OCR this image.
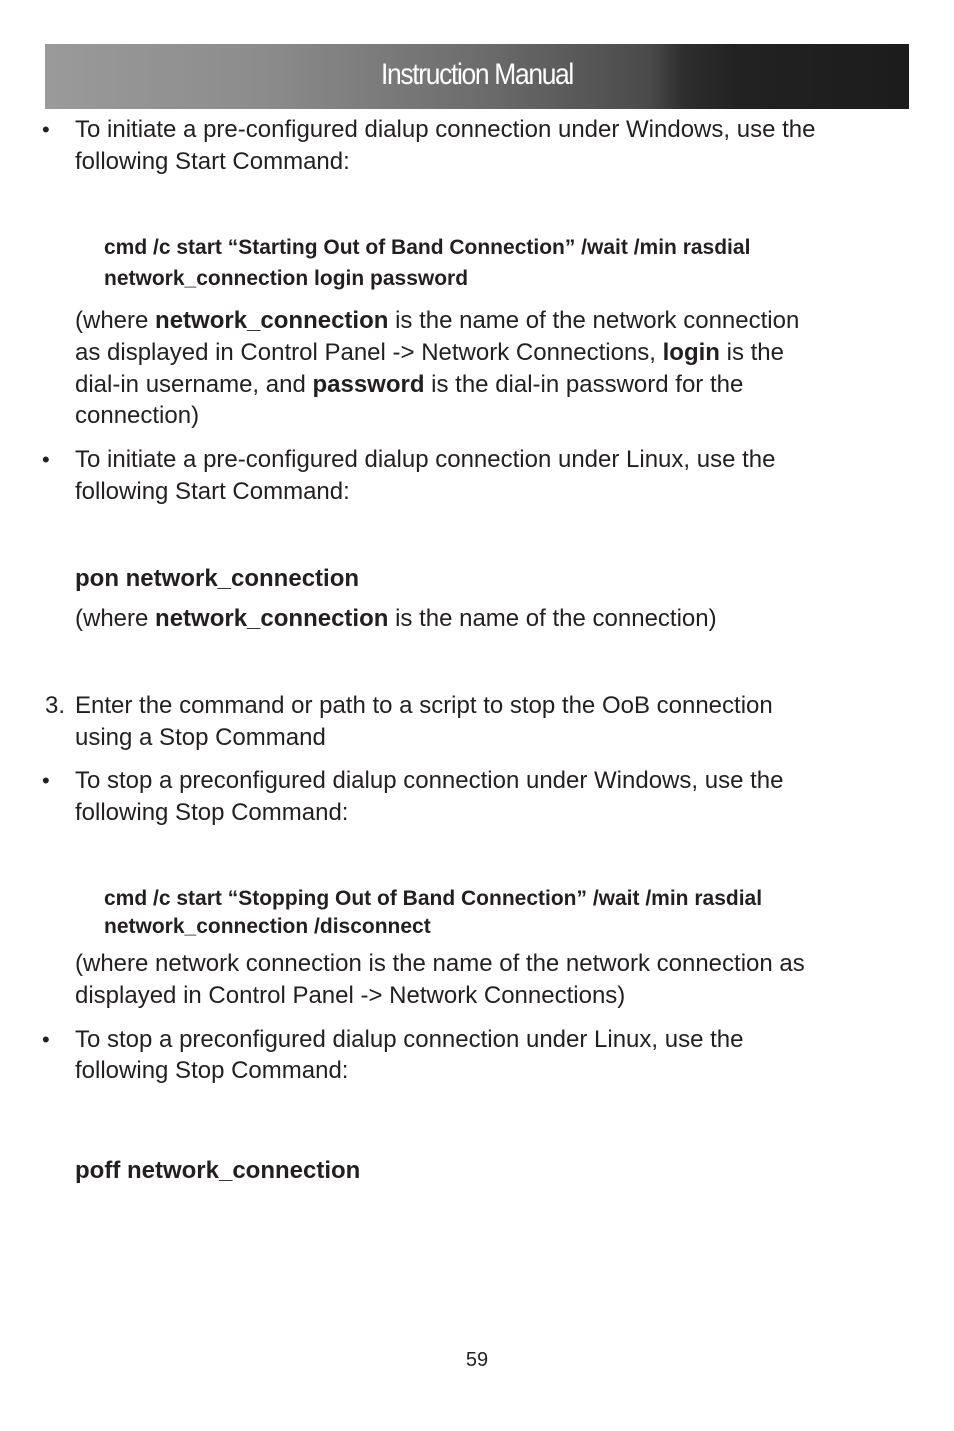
Instruction Manual
• To initiate a pre-configured dialup connection under Windows, use the

following Start Command:

cmd /c start “Starting Out of Band Connection” /wait /min rasdial

network_connection login password

(where network_connection is the name of the network connection

as displayed in Control Panel -> Network Connections, login is the

dial-in username, and password is the dial-in password for the

connection)

• To initiate a pre-configured dialup connection under Linux, use the

following Start Command:

pon network_connection

(where network_connection is the name of the connection)

3. Enter the command or path to a script to stop the OoB connection

using a Stop Command

• To stop a preconfigured dialup connection under Windows, use the

following Stop Command:

cmd /c start “Stopping Out of Band Connection” /wait /min rasdial

network_connection /disconnect

(where network connection is the name of the network connection as

displayed in Control Panel -> Network Connections)

• To stop a preconfigured dialup connection under Linux, use the

following Stop Command:

poff network_connection

59
